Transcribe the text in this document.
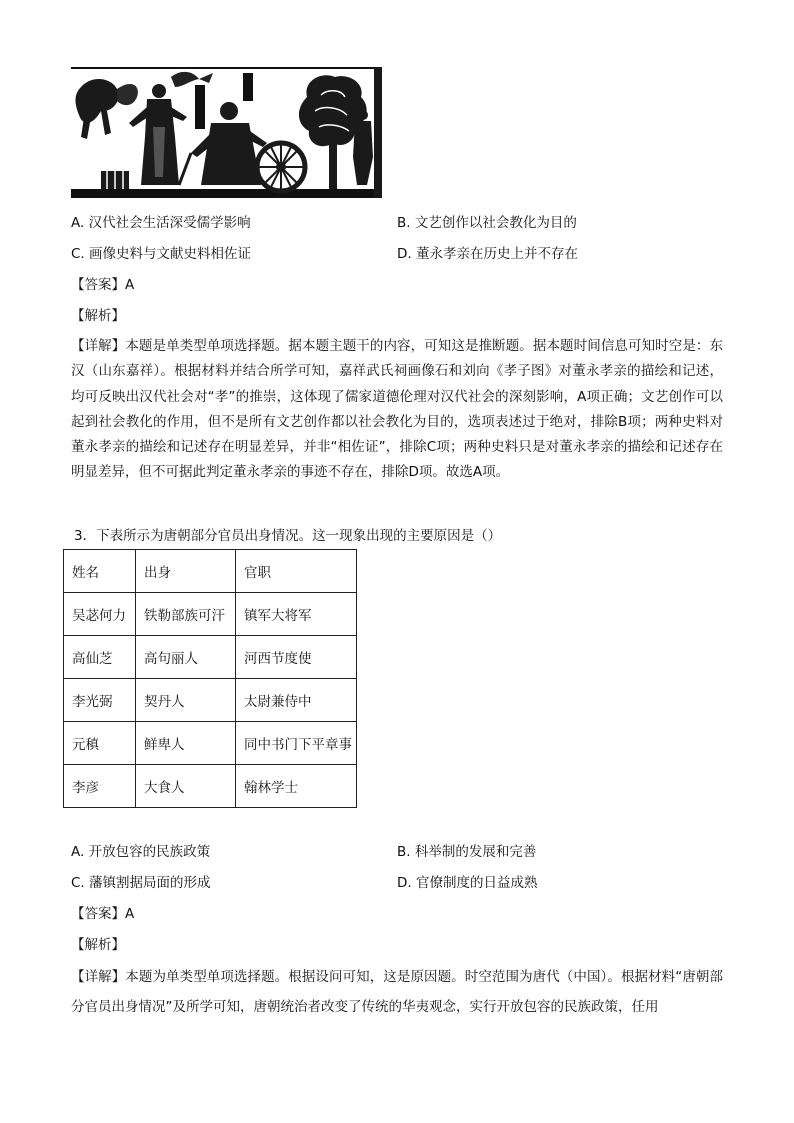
A. 汉代社会生活深受儒学影响	B. 文艺创作以社会教化为目的
C. 画像史料与文献史料相佐证	D. 董永孝亲在历史上并不存在
【答案】A
【解析】
【详解】本题是单类型单项选择题。据本题主题干的内容，可知这是推断题。据本题时间信息可知时空是：东汉（山东嘉祥）。根据材料并结合所学可知，嘉祥武氏祠画像石和刘向《孝子图》对董永孝亲的描绘和记述，均可反映出汉代社会对“孝”的推崇，这体现了儒家道德伦理对汉代社会的深刻影响，A项正确；文艺创作可以起到社会教化的作用，但不是所有文艺创作都以社会教化为目的，选项表述过于绝对，排除B项；两种史料对董永孝亲的描绘和记述存在明显差异，并非“相佐证”，排除C项；两种史料只是对董永孝亲的描绘和记述存在明显差异，但不可据此判定董永孝亲的事迹不存在，排除D项。故选A项。
3．下表所示为唐朝部分官员出身情况。这一现象出现的主要原因是（）
姓名	出身	官职
吴苾何力	铁勒部族可汗	镇军大将军
高仙芝	高句丽人	河西节度使
李光弼	契丹人	太尉兼侍中
元稹	鲜卑人	同中书门下平章事
李彦	大食人	翰林学士
A. 开放包容的民族政策	B. 科举制的发展和完善
C. 藩镇割据局面的形成	D. 官僚制度的日益成熟
【答案】A
【解析】
【详解】本题为单类型单项选择题。根据设问可知，这是原因题。时空范围为唐代（中国）。根据材料“唐朝部分官员出身情况”及所学可知，唐朝统治者改变了传统的华夷观念，实行开放包容的民族政策，任用
